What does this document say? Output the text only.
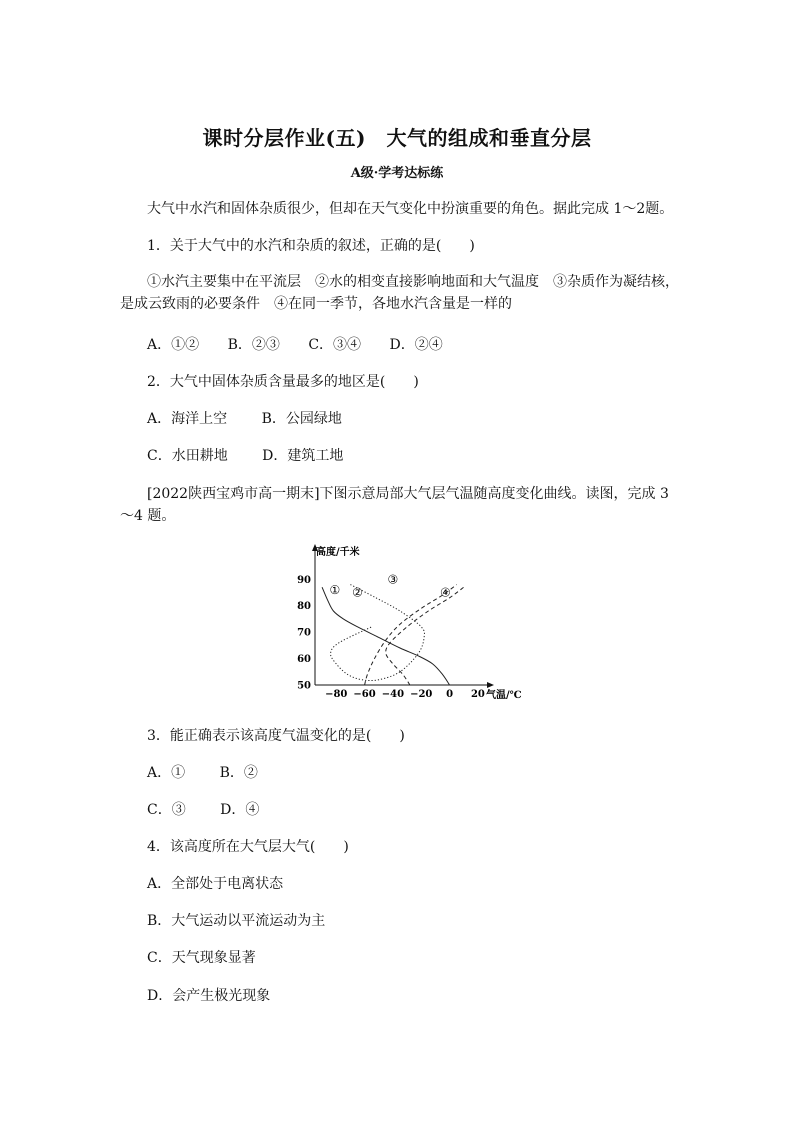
课时分层作业(五)　大气的组成和垂直分层
A级·学考达标练
大气中水汽和固体杂质很少，但却在天气变化中扮演重要的角色。据此完成 1～2题。
1．关于大气中的水汽和杂质的叙述，正确的是(　　)
①水汽主要集中在平流层　②水的相变直接影响地面和大气温度　③杂质作为凝结核，是成云致雨的必要条件　④在同一季节，各地水汽含量是一样的
A．①② B．②③ C．③④ D．②④
2．大气中固体杂质含量最多的地区是(　　)
A．海洋上空 B．公园绿地
C．水田耕地 D．建筑工地
[2022陕西宝鸡市高一期末]下图示意局部大气层气温随高度变化曲线。读图，完成 3～4 题。
高度/千米
气温/℃
50
60
70
80
90
−80 −60 −40 −20 0 20
① ②
③
④
3．能正确表示该高度气温变化的是(　　)
A．① B．②
C．③ D．④
4．该高度所在大气层大气(　　)
A．全部处于电离状态
B．大气运动以平流运动为主
C．天气现象显著
D．会产生极光现象
